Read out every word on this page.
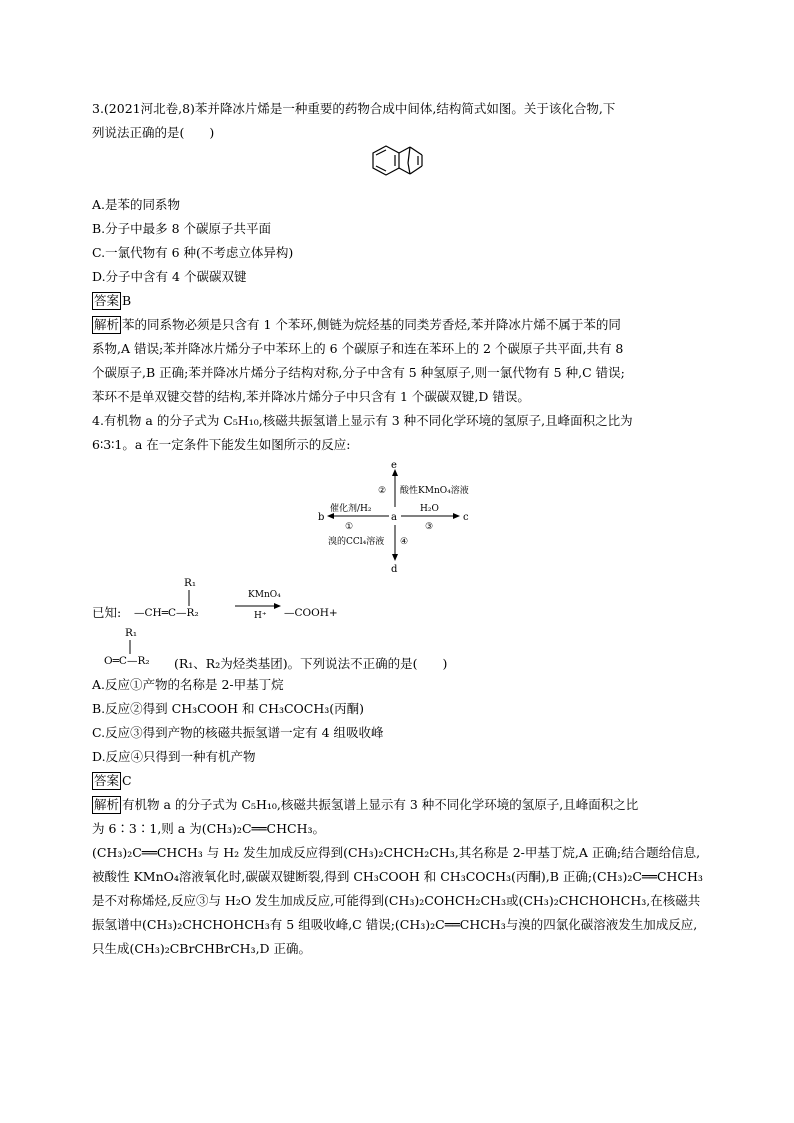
3.(2021河北卷,8)苯并降冰片烯是一种重要的药物合成中间体,结构简式如图。关于该化合物,下
列说法正确的是(　　)
A.是苯的同系物
B.分子中最多 8 个碳原子共平面
C.一氯代物有 6 种(不考虑立体异构)
D.分子中含有 4 个碳碳双键
答案 B
解析 苯的同系物必须是只含有 1 个苯环,侧链为烷烃基的同类芳香烃,苯并降冰片烯不属于苯的同
系物,A 错误;苯并降冰片烯分子中苯环上的 6 个碳原子和连在苯环上的 2 个碳原子共平面,共有 8
个碳原子,B 正确;苯并降冰片烯分子结构对称,分子中含有 5 种氢原子,则一氯代物有 5 种,C 错误;
苯环不是单双键交替的结构,苯并降冰片烯分子中只含有 1 个碳碳双键,D 错误。
4.有机物 a 的分子式为 C₅H₁₀,核磁共振氢谱上显示有 3 种不同化学环境的氢原子,且峰面积之比为
6∶3∶1。a 在一定条件下能发生如图所示的反应:
e
a
b	c
d
② 酸性KMnO₄溶液
催化剂/H₂
①
H₂O
③
溴的CCl₄溶液 ④
已知:
R₁
—CH═C—R₂
KMnO₄
H⁺ —COOH+
R₁
O═C—R₂ (R₁、R₂为烃类基团)。下列说法不正确的是(　　)
A.反应①产物的名称是 2-甲基丁烷
B.反应②得到 CH₃COOH 和 CH₃COCH₃(丙酮)
C.反应③得到产物的核磁共振氢谱一定有 4 组吸收峰
D.反应④只得到一种有机产物
答案 C
解析 有机物 a 的分子式为 C₅H₁₀,核磁共振氢谱上显示有 3 种不同化学环境的氢原子,且峰面积之比
为 6∶3∶1,则 a 为(CH₃)₂C══CHCH₃。
(CH₃)₂C══CHCH₃ 与 H₂ 发生加成反应得到(CH₃)₂CHCH₂CH₃,其名称是 2-甲基丁烷,A 正确;结合题给信息,
被酸性 KMnO₄溶液氧化时,碳碳双键断裂,得到 CH₃COOH 和 CH₃COCH₃(丙酮),B 正确;(CH₃)₂C══CHCH₃
是不对称烯烃,反应③与 H₂O 发生加成反应,可能得到(CH₃)₂COHCH₂CH₃或(CH₃)₂CHCHOHCH₃,在核磁共
振氢谱中(CH₃)₂CHCHOHCH₃有 5 组吸收峰,C 错误;(CH₃)₂C══CHCH₃与溴的四氯化碳溶液发生加成反应,
只生成(CH₃)₂CBrCHBrCH₃,D 正确。
